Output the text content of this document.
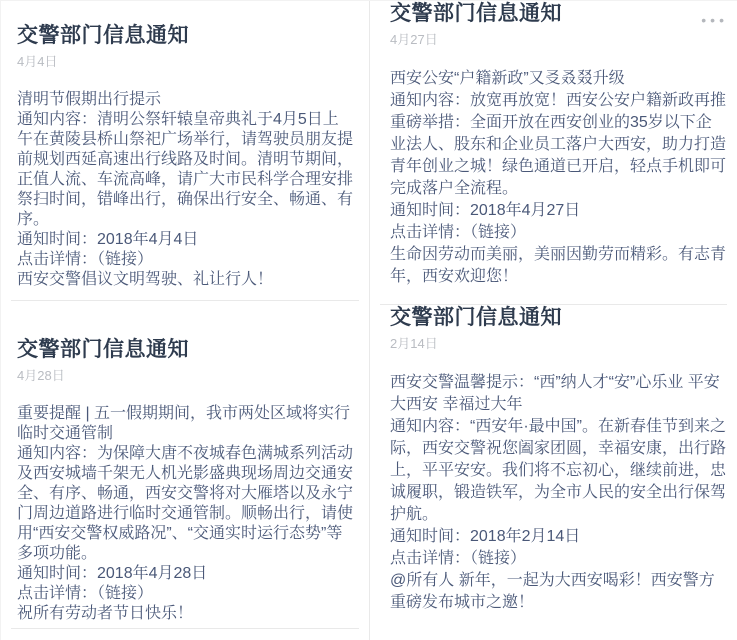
交警部门信息通知
4月4日

清明节假期出行提示

通知内容：清明公祭轩辕皇帝典礼于4月5日上午在黄陵县桥山祭祀广场举行，请驾驶员朋友提前规划西延高速出行线路及时间。清明节期间，正值人流、车流高峰，请广大市民科学合理安排祭扫时间，错峰出行，确保出行安全、畅通、有序。

通知时间：2018年4月4日

点击详情：（链接）

西安交警倡议文明驾驶、礼让行人！

交警部门信息通知
4月28日

重要提醒 | 五一假期期间，我市两处区域将实行临时交通管制

通知内容：为保障大唐不夜城春色满城系列活动及西安城墙千架无人机光影盛典现场周边交通安全、有序、畅通，西安交警将对大雁塔以及永宁门周边道路进行临时交通管制。顺畅出行，请使用“西安交警权威路况”、“交通实时运行态势”等多项功能。

通知时间：2018年4月28日

点击详情：（链接）

祝所有劳动者节日快乐！

•••
交警部门信息通知
4月27日

西安公安“户籍新政”又㕛叒叕升级

通知内容：放宽再放宽！西安公安户籍新政再推重磅举措：全面开放在西安创业的35岁以下企业法人、股东和企业员工落户大西安，助力打造青年创业之城！绿色通道已开启，轻点手机即可完成落户全流程。

通知时间：2018年4月27日

点击详情：（链接）

生命因劳动而美丽，美丽因勤劳而精彩。有志青年，西安欢迎您！

交警部门信息通知
2月14日

西安交警温馨提示：“西”纳人才“安”心乐业 平安大西安 幸福过大年

通知内容：“西安年·最中国”。在新春佳节到来之际，西安交警祝您阖家团圆，幸福安康，出行路上，平平安安。我们将不忘初心，继续前进，忠诚履职，锻造铁军，为全市人民的安全出行保驾护航。

通知时间：2018年2月14日

点击详情：（链接）

@所有人 新年，一起为大西安喝彩！西安警方重磅发布城市之邀！
